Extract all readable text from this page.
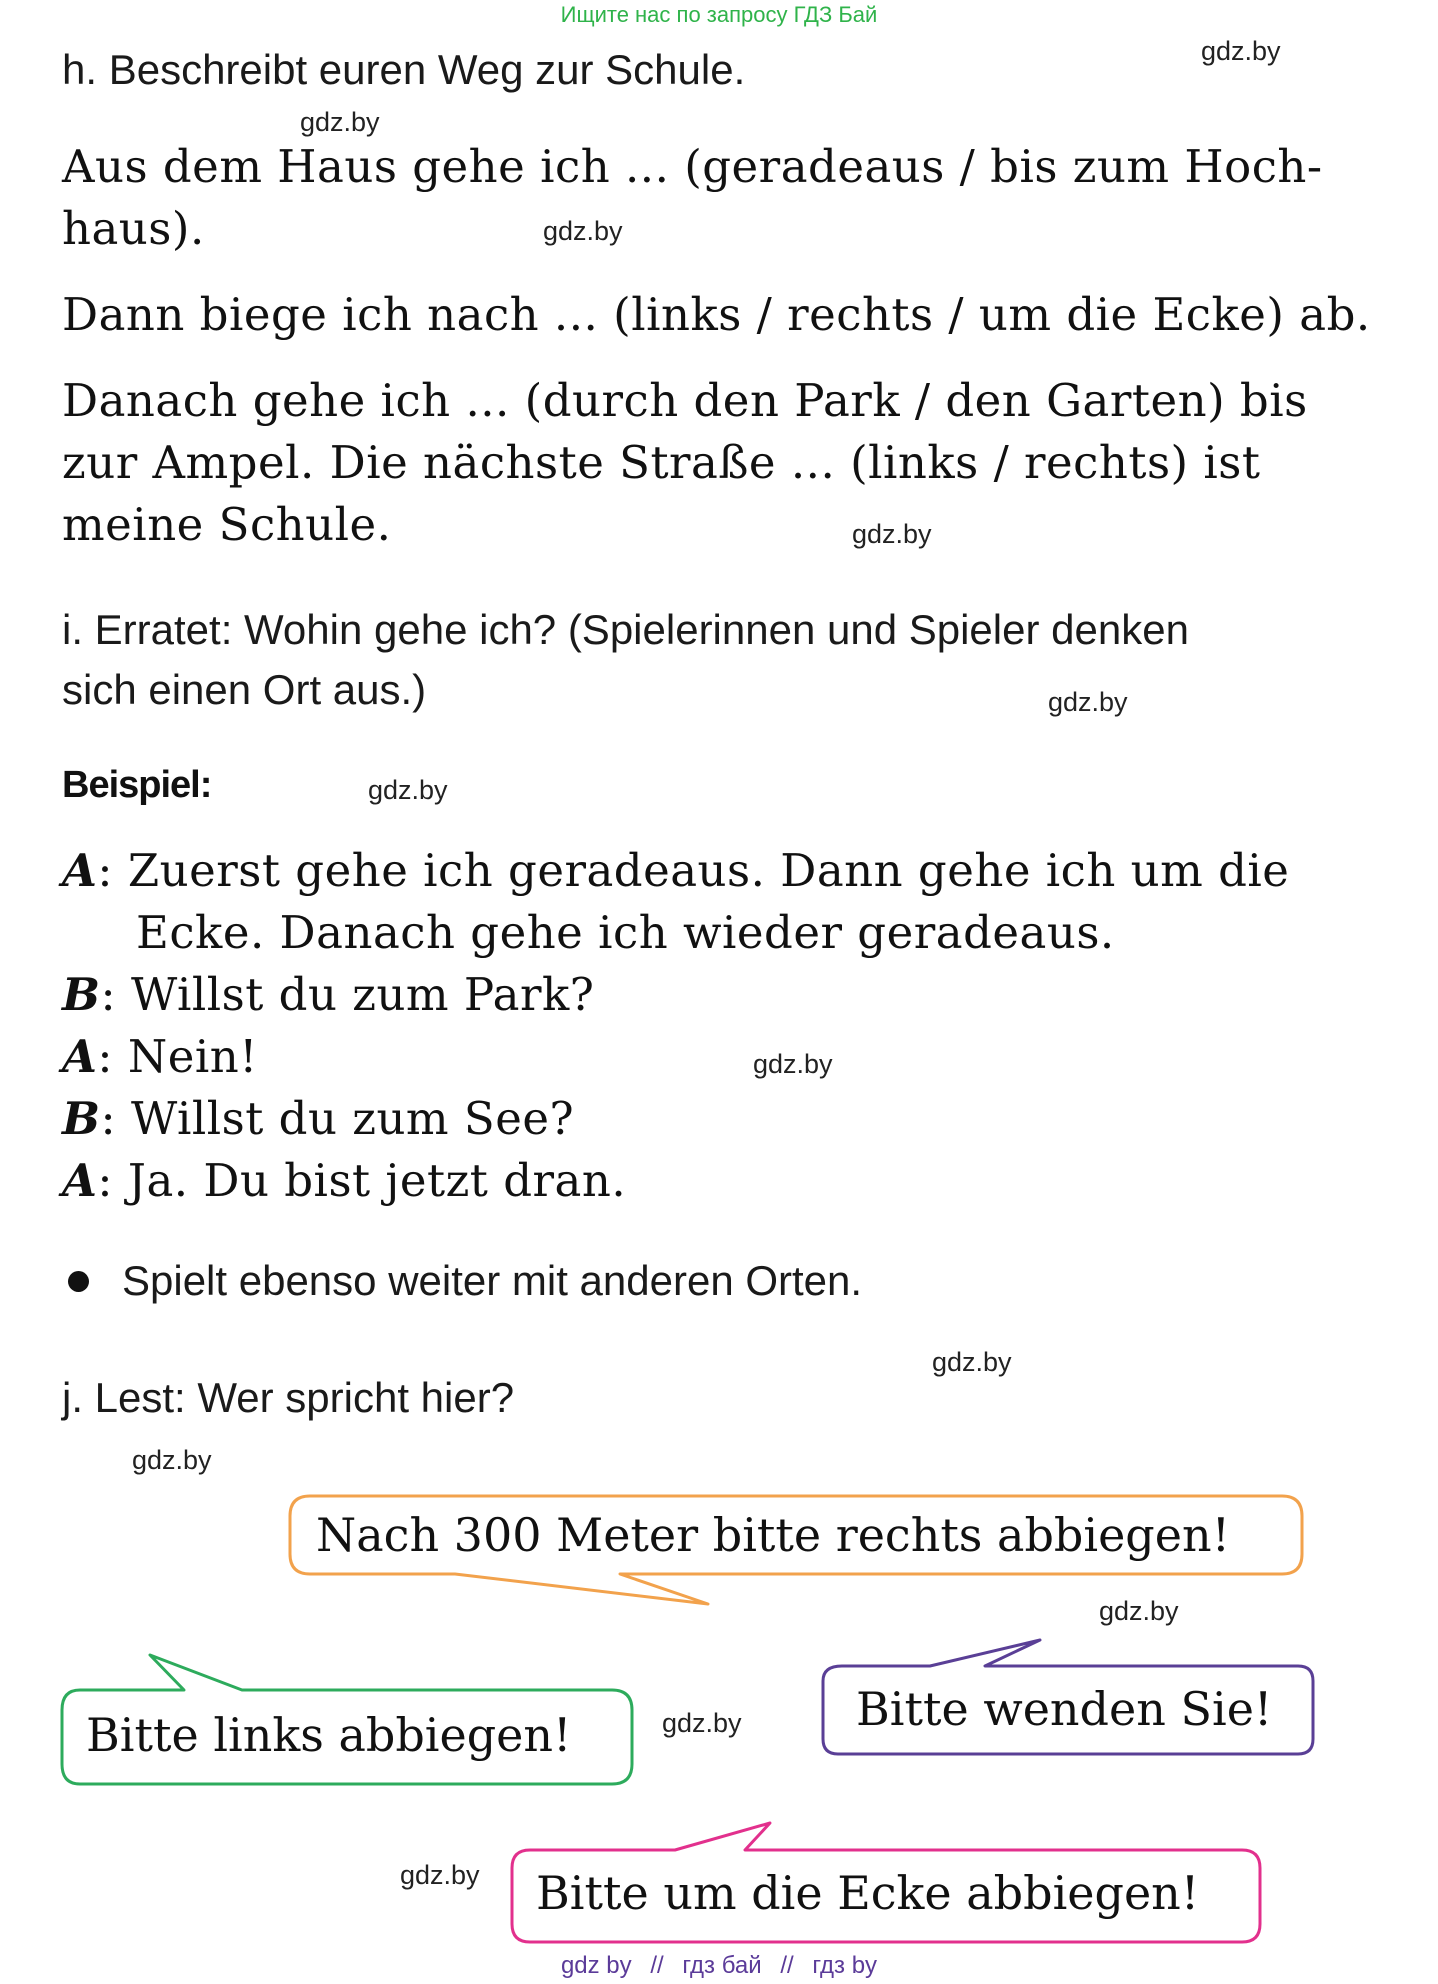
Ищите нас по запросу ГДЗ Бай
gdz.by
gdz.by
gdz.by
gdz.by
gdz.by
gdz.by
gdz.by
gdz.by
gdz.by
gdz.by
gdz.by
gdz.by
h. Beschreibt euren Weg zur Schule.
Aus dem Haus gehe ich ... (geradeaus / bis zum Hoch-
haus).
Dann biege ich nach ... (links / rechts / um die Ecke) ab.
Danach gehe ich ... (durch den Park / den Garten) bis
zur Ampel. Die nächste Straße ... (links / rechts) ist
meine Schule.
i. Erratet: Wohin gehe ich? (Spielerinnen und Spieler denken
sich einen Ort aus.)
Beispiel:
A: Zuerst gehe ich geradeaus. Dann gehe ich um die
Ecke. Danach gehe ich wieder geradeaus.
B: Willst du zum Park?
A: Nein!
B: Willst du zum See?
A: Ja. Du bist jetzt dran.
Spielt ebenso weiter mit anderen Orten.
j. Lest: Wer spricht hier?
Nach 300 Meter bitte rechts abbiegen!
Bitte wenden Sie!
Bitte links abbiegen!
Bitte um die Ecke abbiegen!
gdz by // гдз бай // гдз by
